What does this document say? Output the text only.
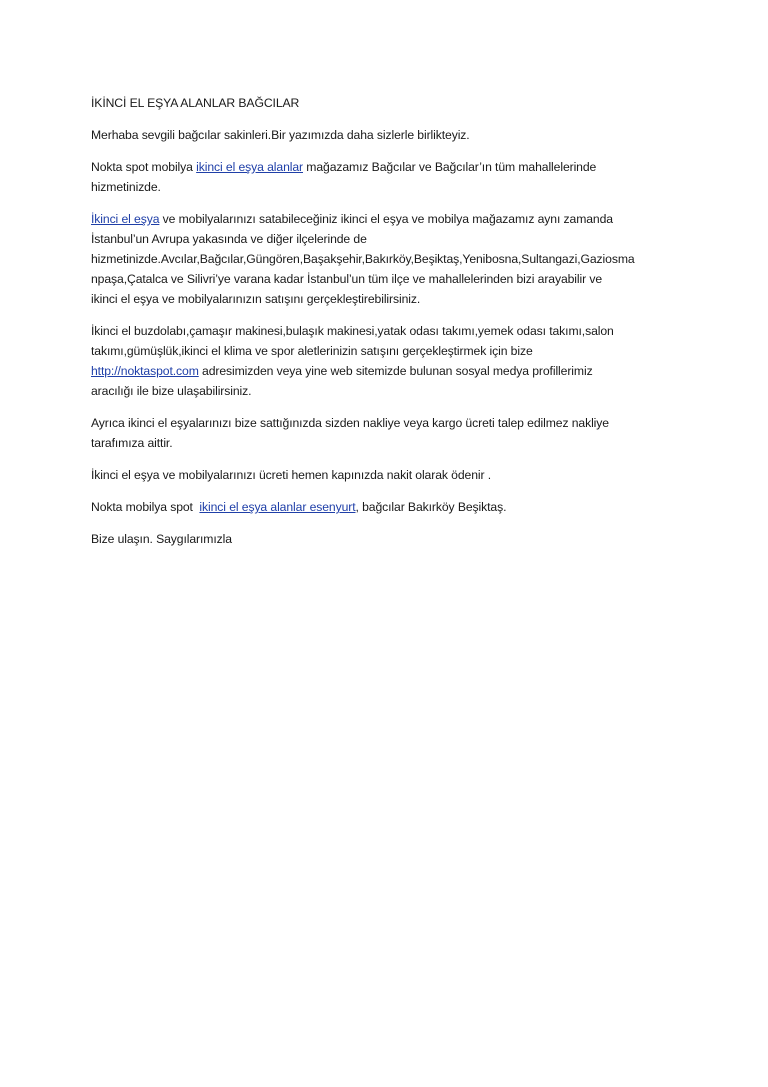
İKİNCİ EL EŞYA ALANLAR BAĞCILAR

Merhaba sevgili bağcılar sakinleri.Bir yazımızda daha sizlerle birlikteyiz.

Nokta spot mobilya ikinci el eşya alanlar mağazamız Bağcılar ve Bağcılar’ın tüm mahallelerinde
hizmetinizde.

İkinci el eşya ve mobilyalarınızı satabileceğiniz ikinci el eşya ve mobilya mağazamız aynı zamanda
İstanbul’un Avrupa yakasında ve diğer ilçelerinde de
hizmetinizde.Avcılar,Bağcılar,Güngören,Başakşehir,Bakırköy,Beşiktaş,Yenibosna,Sultangazi,Gaziosma
npaşa,Çatalca ve Silivri’ye varana kadar İstanbul’un tüm ilçe ve mahallelerinden bizi arayabilir ve
ikinci el eşya ve mobilyalarınızın satışını gerçekleştirebilirsiniz.

İkinci el buzdolabı,çamaşır makinesi,bulaşık makinesi,yatak odası takımı,yemek odası takımı,salon
takımı,gümüşlük,ikinci el klima ve spor aletlerinizin satışını gerçekleştirmek için bize
http://noktaspot.com adresimizden veya yine web sitemizde bulunan sosyal medya profillerimiz
aracılığı ile bize ulaşabilirsiniz.

Ayrıca ikinci el eşyalarınızı bize sattığınızda sizden nakliye veya kargo ücreti talep edilmez nakliye
tarafımıza aittir.

İkinci el eşya ve mobilyalarınızı ücreti hemen kapınızda nakit olarak ödenir .

Nokta mobilya spot  ikinci el eşya alanlar esenyurt, bağcılar Bakırköy Beşiktaş.

Bize ulaşın. Saygılarımızla
